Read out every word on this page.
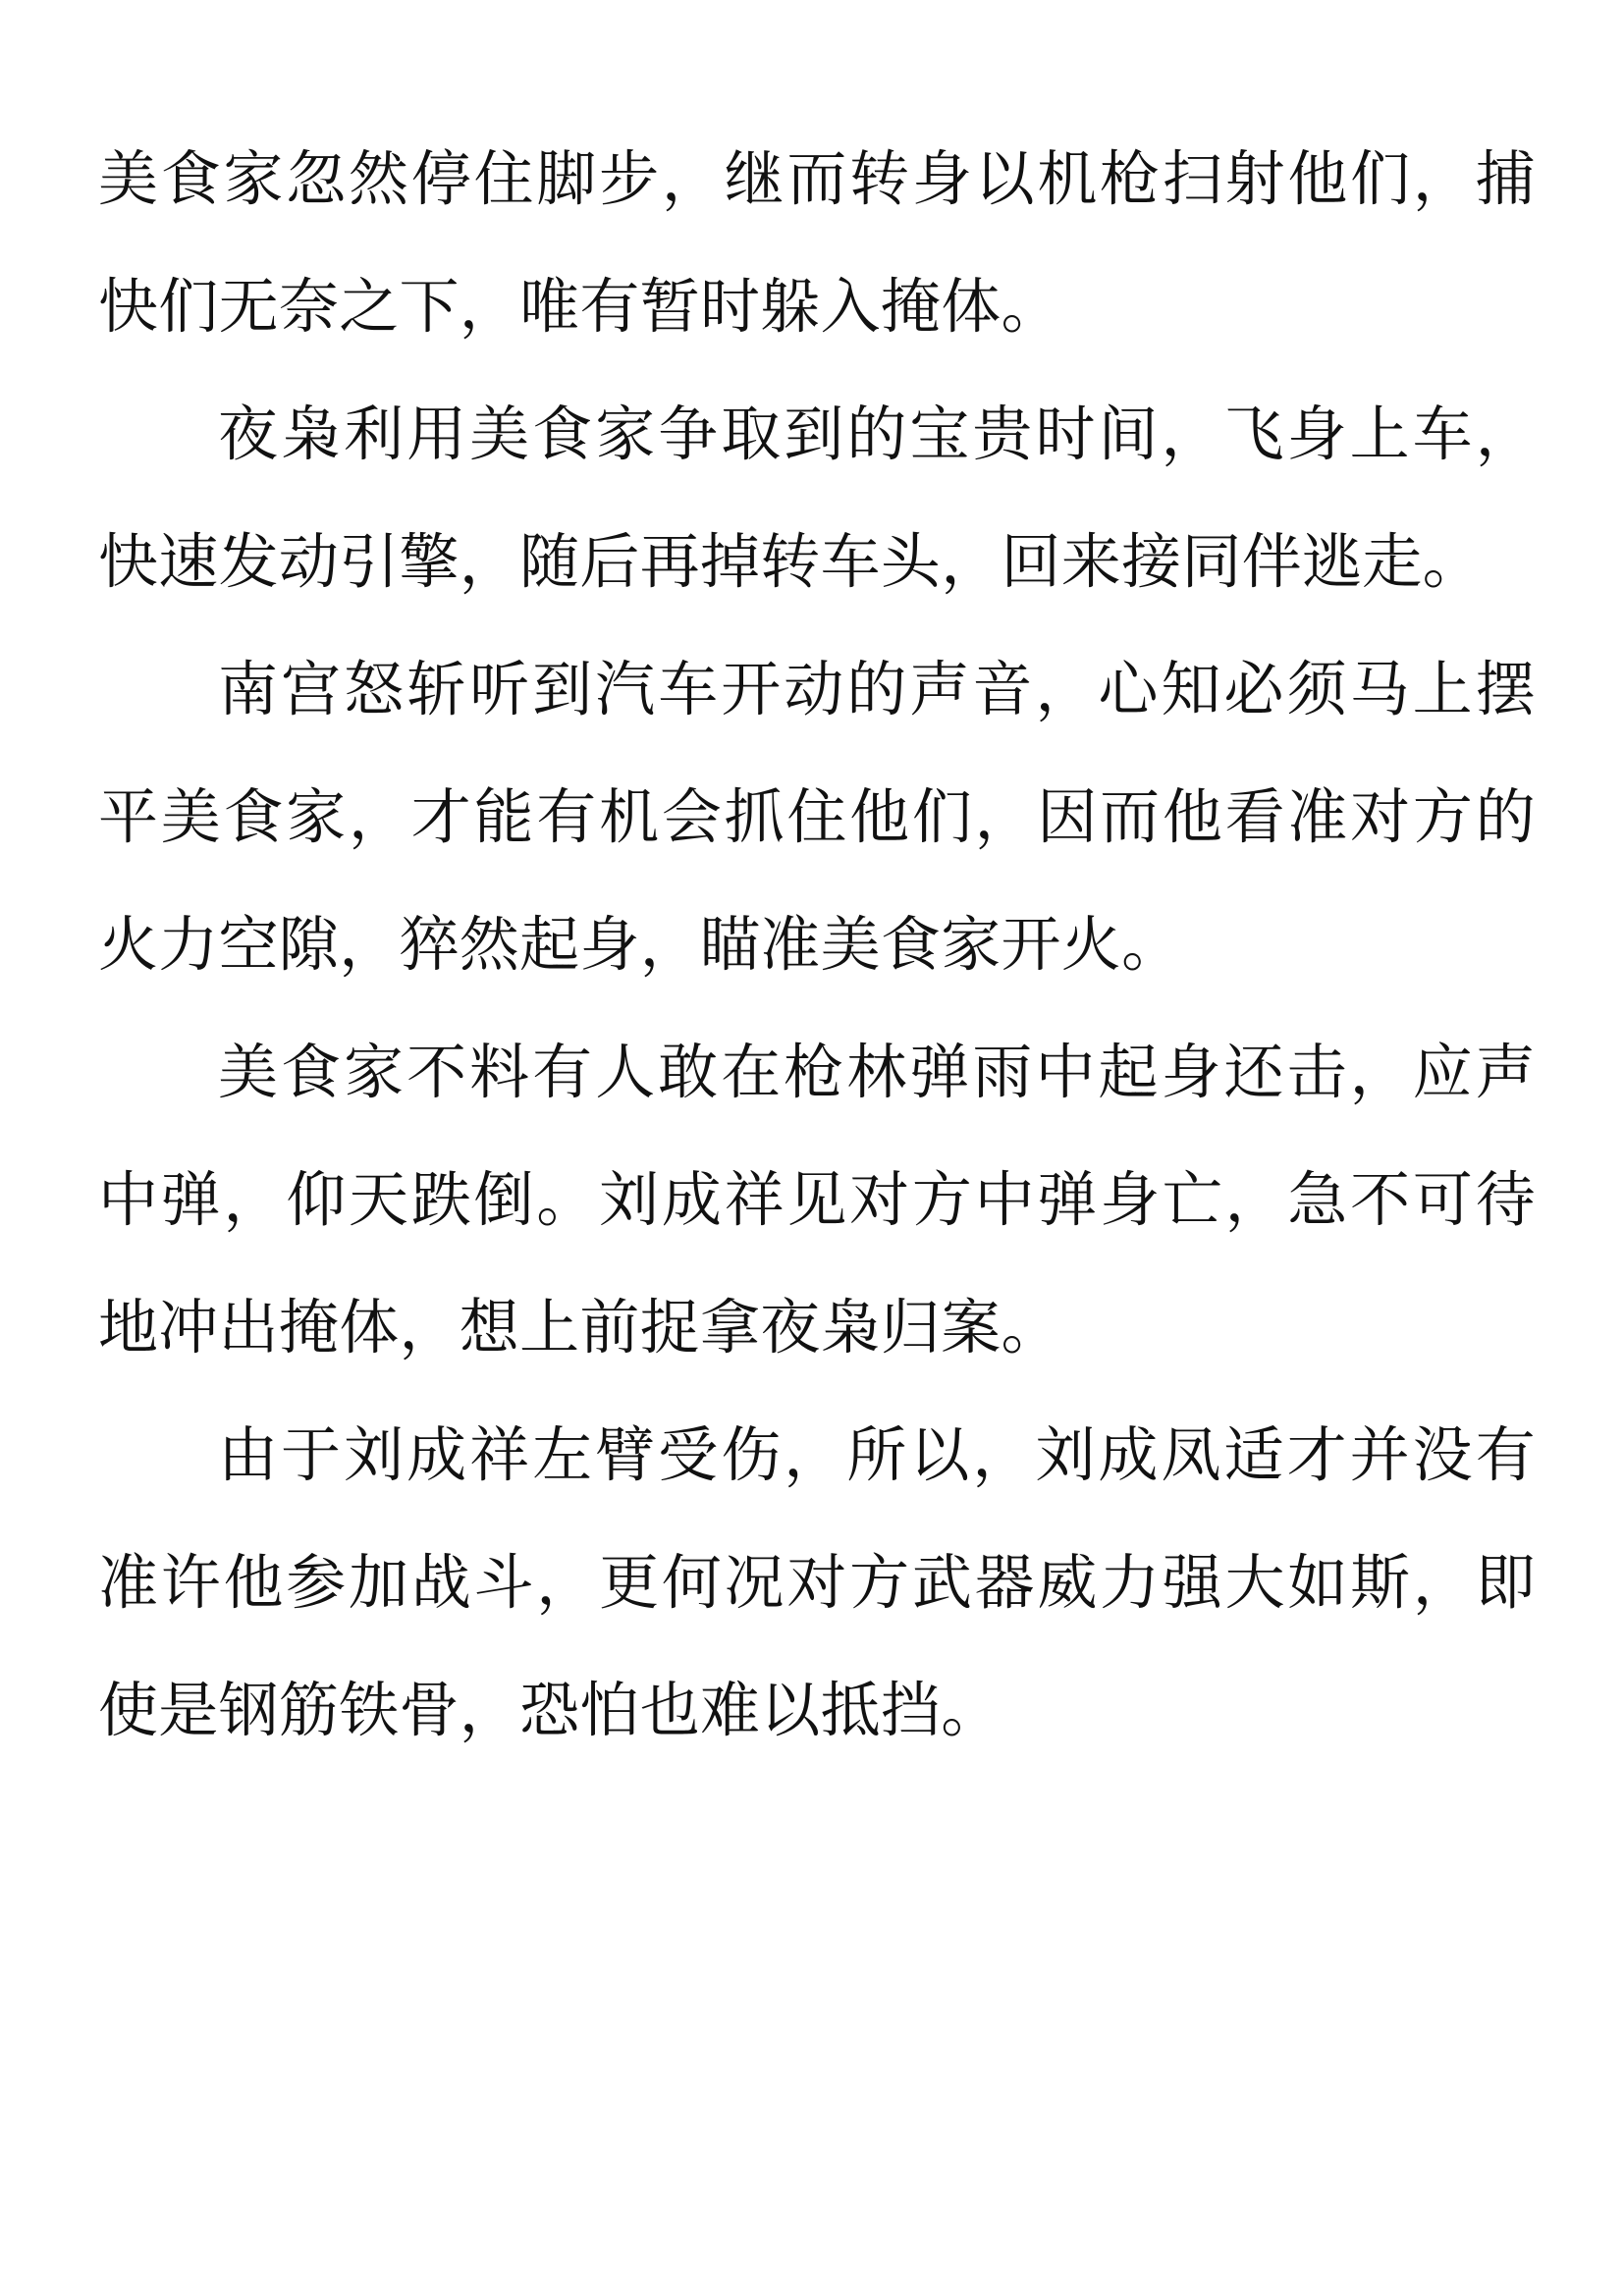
美食家忽然停住脚步，继而转身以机枪扫射他们，捕快们无奈之下，唯有暂时躲入掩体。

夜枭利用美食家争取到的宝贵时间，飞身上车，快速发动引擎，随后再掉转车头，回来接同伴逃走。

南宫怒斩听到汽车开动的声音，心知必须马上摆平美食家，才能有机会抓住他们，因而他看准对方的火力空隙，猝然起身，瞄准美食家开火。

美食家不料有人敢在枪林弹雨中起身还击，应声中弹，仰天跌倒。刘成祥见对方中弹身亡，急不可待地冲出掩体，想上前捉拿夜枭归案。

由于刘成祥左臂受伤，所以，刘成凤适才并没有准许他参加战斗，更何况对方武器威力强大如斯，即使是钢筋铁骨，恐怕也难以抵挡。
